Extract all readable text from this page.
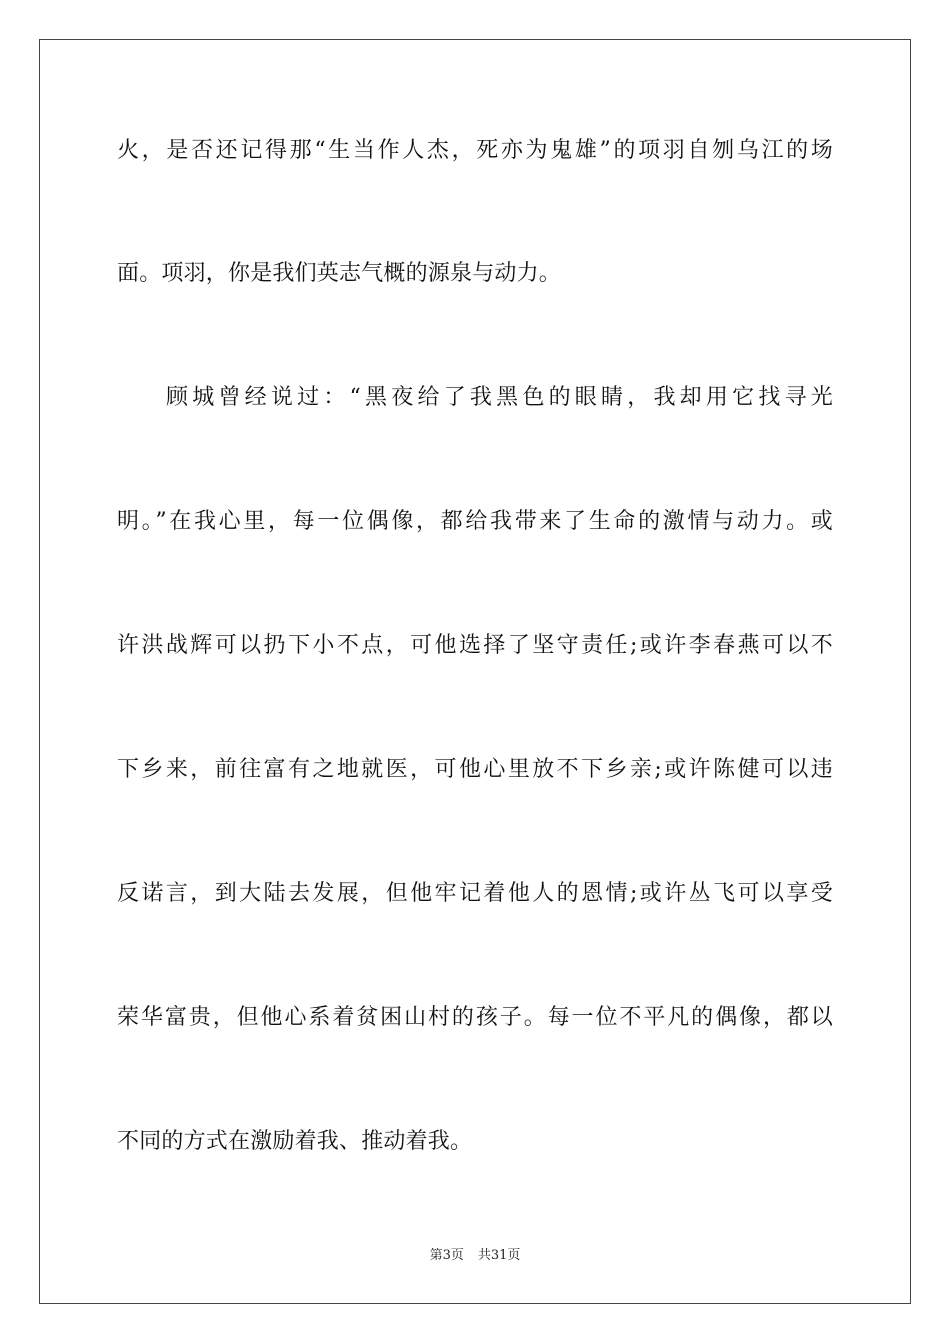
火，是否还记得那“生当作人杰，死亦为鬼雄”的项羽自刎乌江的场
面。项羽，你是我们英志气概的源泉与动力。
顾城曾经说过：“黑夜给了我黑色的眼睛，我却用它找寻光
明。”在我心里，每一位偶像，都给我带来了生命的激情与动力。或
许洪战辉可以扔下小不点，可他选择了坚守责任;或许李春燕可以不
下乡来，前往富有之地就医，可他心里放不下乡亲;或许陈健可以违
反诺言，到大陆去发展，但他牢记着他人的恩情;或许丛飞可以享受
荣华富贵，但他心系着贫困山村的孩子。每一位不平凡的偶像，都以
不同的方式在激励着我、推动着我。
第3页 共31页
